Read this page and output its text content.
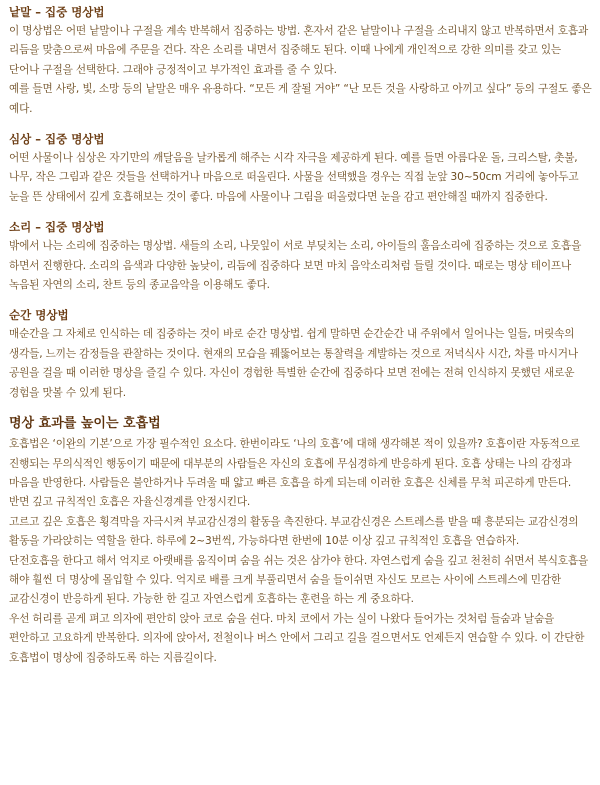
낱말 – 집중 명상법

이 명상법은 어떤 낱말이나 구절을 계속 반복해서 집중하는 방법. 혼자서 같은 낱말이나 구절을 소리내지 않고 반복하면서 호흡과 리듬을 맞춤으로써 마음에 주문을 건다. 작은 소리를 내면서 집중해도 된다. 이때 나에게 개인적으로 강한 의미를 갖고 있는 단어나 구절을 선택한다. 그래야 긍정적이고 부가적인 효과를 줄 수 있다.

예를 들면 사랑, 빛, 소망 등의 낱말은 매우 유용하다. “모든 게 잘될 거야” “난 모든 것을 사랑하고 아끼고 싶다” 등의 구절도 좋은 예다.

심상 – 집중 명상법

어떤 사물이나 심상은 자기만의 깨달음을 날카롭게 해주는 시각 자극을 제공하게 된다. 예를 들면 아름다운 돌, 크리스탈, 촛불, 나무, 작은 그림과 같은 것들을 선택하거나 마음으로 떠올린다. 사물을 선택했을 경우는 직접 눈앞 30~50cm 거리에 놓아두고 눈을 뜬 상태에서 깊게 호흡해보는 것이 좋다. 마음에 사물이나 그림을 떠올렸다면 눈을 감고 편안해질 때까지 집중한다.

소리 – 집중 명상법

밖에서 나는 소리에 집중하는 명상법. 새들의 소리, 나뭇잎이 서로 부딪치는 소리, 아이들의 훌음소리에 집중하는 것으로 호흡을 하면서 진행한다. 소리의 음색과 다양한 높낮이, 리듬에 집중하다 보면 마치 음악소리처럼 들릴 것이다. 때로는 명상 테이프나 녹음된 자연의 소리, 찬트 등의 종교음악을 이용해도 좋다.

순간 명상법

매순간을 그 자체로 인식하는 데 집중하는 것이 바로 순간 명상법. 쉽게 말하면 순간순간 내 주위에서 일어나는 일들, 머릿속의 생각들, 느끼는 감정들을 관찰하는 것이다. 현재의 모습을 꿰뚫어보는 통찰력을 계발하는 것으로 저녁식사 시간, 차를 마시거나 공원을 걸을 때 이러한 명상을 즐길 수 있다. 자신이 경험한 특별한 순간에 집중하다 보면 전에는 전혀 인식하지 못했던 새로운 경험을 맛볼 수 있게 된다.

명상 효과를 높이는 호흡법

호흡법은 ‘이완의 기본’으로 가장 필수적인 요소다. 한번이라도 ‘나의 호흡’에 대해 생각해본 적이 있을까? 호흡이란 자동적으로 진행되는 무의식적인 행동이기 때문에 대부분의 사람들은 자신의 호흡에 무심경하게 반응하게 된다. 호흡 상태는 나의 감정과 마음을 반영한다. 사람들은 불안하거나 두려울 때 얇고 빠른 호흡을 하게 되는데 이러한 호흡은 신체를 무척 피곤하게 만든다. 반면 깊고 규칙적인 호흡은 자율신경계를 안정시킨다.

고르고 깊은 호흡은 횡격막을 자극시켜 부교감신경의 활동을 촉진한다. 부교감신경은 스트레스를 받을 때 흥분되는 교감신경의 활동을 가라앉히는 역할을 한다. 하루에 2~3번씩, 가능하다면 한번에 10분 이상 깊고 규칙적인 호흡을 연습하자.

단전호흡을 한다고 해서 억지로 아랫배를 움직이며 숨을 쉬는 것은 삼가야 한다. 자연스럽게 숨을 깊고 천천히 쉬면서 복식호흡을 해야 훨씬 더 명상에 몰입할 수 있다. 억지로 배를 크게 부풀리면서 숨을 들이쉬면 자신도 모르는 사이에 스트레스에 민감한 교감신경이 반응하게 된다. 가능한 한 길고 자연스럽게 호흡하는 훈련을 하는 게 중요하다.

우선 허리를 곧게 펴고 의자에 편안히 앉아 코로 숨을 쉰다. 마치 코에서 가는 실이 나왔다 들어가는 것처럼 들숨과 날숨을 편안하고 고요하게 반복한다. 의자에 앉아서, 전철이나 버스 안에서 그리고 길을 걸으면서도 언제든지 연습할 수 있다. 이 간단한 호흡법이 명상에 집중하도록 하는 지름길이다.
